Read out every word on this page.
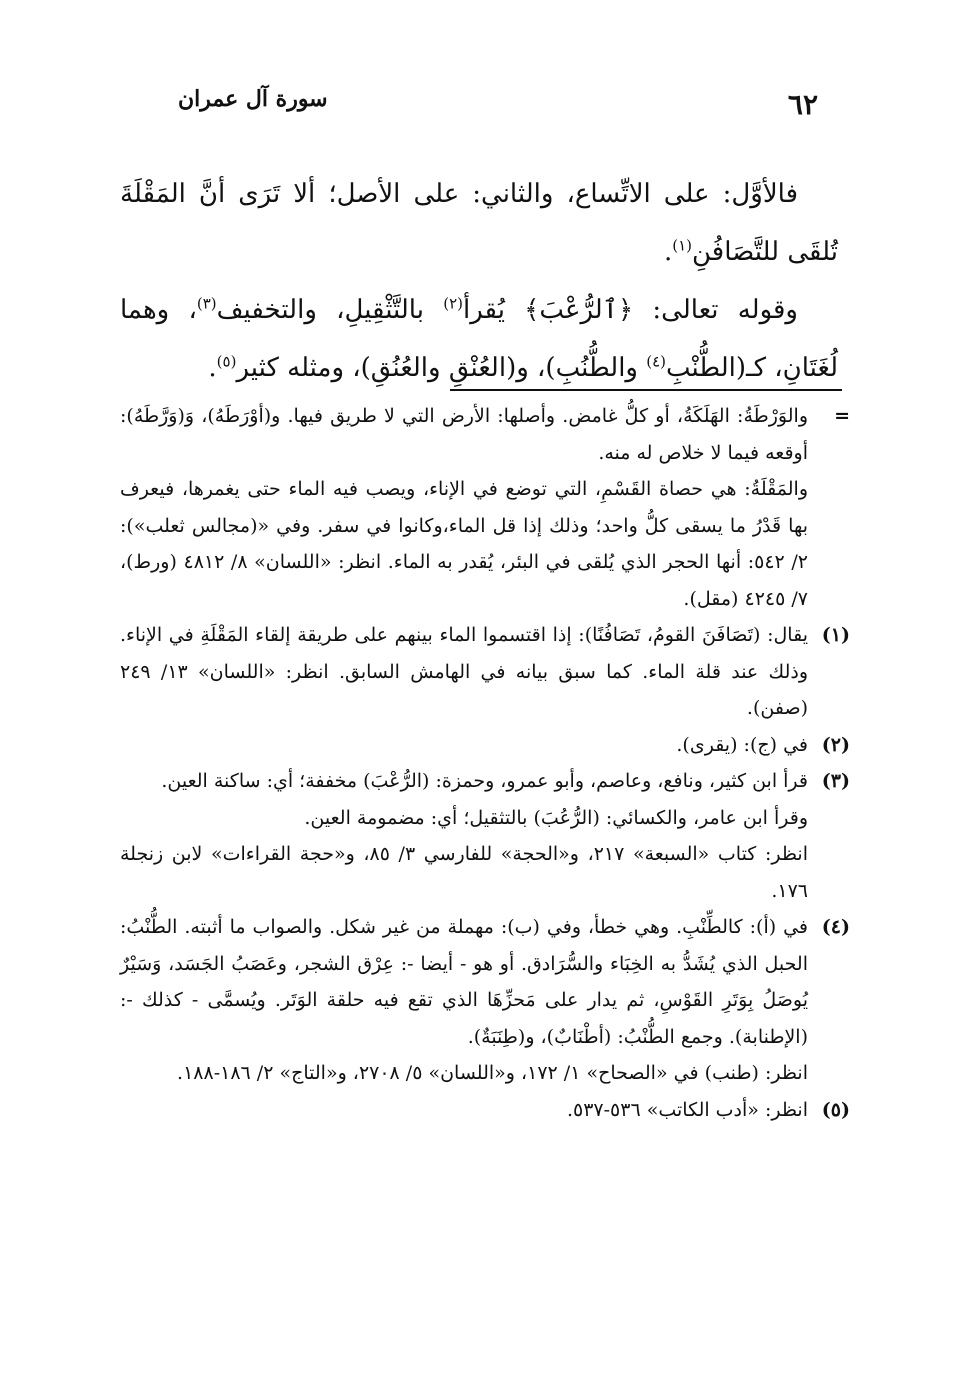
٦٢
سورة آل عمران

فالأوَّل: على الاتِّساع، والثاني: على الأصل؛ ألا تَرَى أنَّ المَقْلَةَ تُلقَى للتَّصَافُنِ$^{(١)}$.

وقوله تعالى: ﴿ٱلرُّعْبَ﴾ يُقرأ$^{(٢)}$ بالتَّثْقِيلِ، والتخفيف$^{(٣)}$، وهما لُغَتَانِ، كـ(الطُّنْبِ$^{(٤)}$ والطُّنُبِ)، و(العُنْقِ والعُنُقِ)، ومثله كثير$^{(٥)}$.

=

والوَرْطَةُ: الهَلَكَةُ، أو كلُّ غامض. وأصلها: الأرض التي لا طريق فيها. و(أوْرَطَهُ)، وَ(وَرَّطَهُ): أوقعه فيما لا خلاص له منه.

والمَقْلَةُ: هي حصاة القَسْمِ، التي توضع في الإناء، ويصب فيه الماء حتى يغمرها، فيعرف بها قَدْرُ ما يسقى كلُّ واحد؛ وذلك إذا قل الماء،وكانوا في سفر. وفي «(مجالس ثعلب»): ٢/ ٥٤٢: أنها الحجر الذي يُلقى في البئر، يُقدر به الماء. انظر: «اللسان» ٨/ ٤٨١٢ (ورط)، ٧/ ٤٢٤٥ (مقل).

(١)

يقال: (تَصَافَنَ القومُ، تَصَافُنًا): إذا اقتسموا الماء بينهم على طريقة إلقاء المَقْلَةِ في الإناء. وذلك عند قلة الماء. كما سبق بيانه في الهامش السابق. انظر: «اللسان» ١٣/ ٢٤٩ (صفن).

(٢)

في (ج): (يقرى).

(٣)

قرأ ابن كثير، ونافع، وعاصم، وأبو عمرو، وحمزة: (الرُّعْبَ) مخففة؛ أي: ساكنة العين.

وقرأ ابن عامر، والكسائي: (الرُّعُبَ) بالتثقيل؛ أي: مضمومة العين.

انظر: كتاب «السبعة» ٢١٧، و«الحجة» للفارسي ٣/ ٨٥، و«حجة القراءات» لابن زنجلة ١٧٦.

(٤)

في (أ): كالطِّنْبِ. وهي خطأ، وفي (ب): مهملة من غير شكل. والصواب ما أثبته. الطُّنْبُ: الحبل الذي يُشَدُّ به الخِبَاء والسُّرَادق. أو هو - أيضا -: عِرْق الشجر، وعَصَبُ الجَسَد، وَسَيْرٌ يُوصَلُ بِوَتَرِ القَوْسِ، ثم يدار على مَحزِّهَا الذي تقع فيه حلقة الوَتَر. ويُسمَّى - كذلك -: (الإطنابة). وجمع الطُّنْبُ: (أطْنَابٌ)، و(طِنَبَةٌ).

انظر: (طنب) في «الصحاح» ١/ ١٧٢، و«اللسان» ٥/ ٢٧٠٨، و«التاج» ٢/ ١٨٦-١٨٨.

(٥)

انظر: «أدب الكاتب» ٥٣٦-٥٣٧.
